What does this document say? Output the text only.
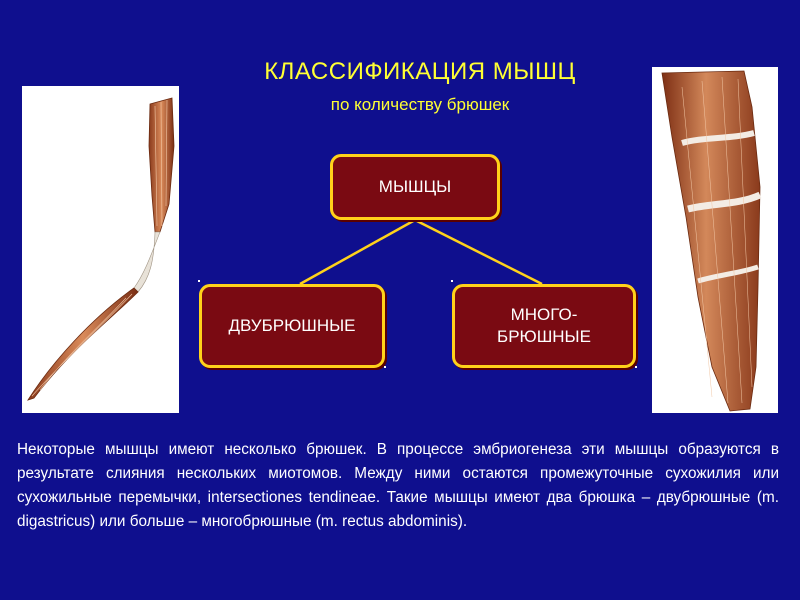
КЛАССИФИКАЦИЯ МЫШЦ
по количеству брюшек
МЫШЦЫ
ДВУБРЮШНЫЕ
МНОГО-
БРЮШНЫЕ

Некоторые мышцы имеют несколько брюшек. В процессе эмбриогенеза эти мышцы образуются в результате слияния нескольких миотомов. Между ними остаются промежуточные сухожилия или сухожильные перемычки, intersectiones tendineae. Такие мышцы имеют два брюшка – двубрюшные (m. digastricus) или больше – многобрюшные (m. rectus abdominis).
